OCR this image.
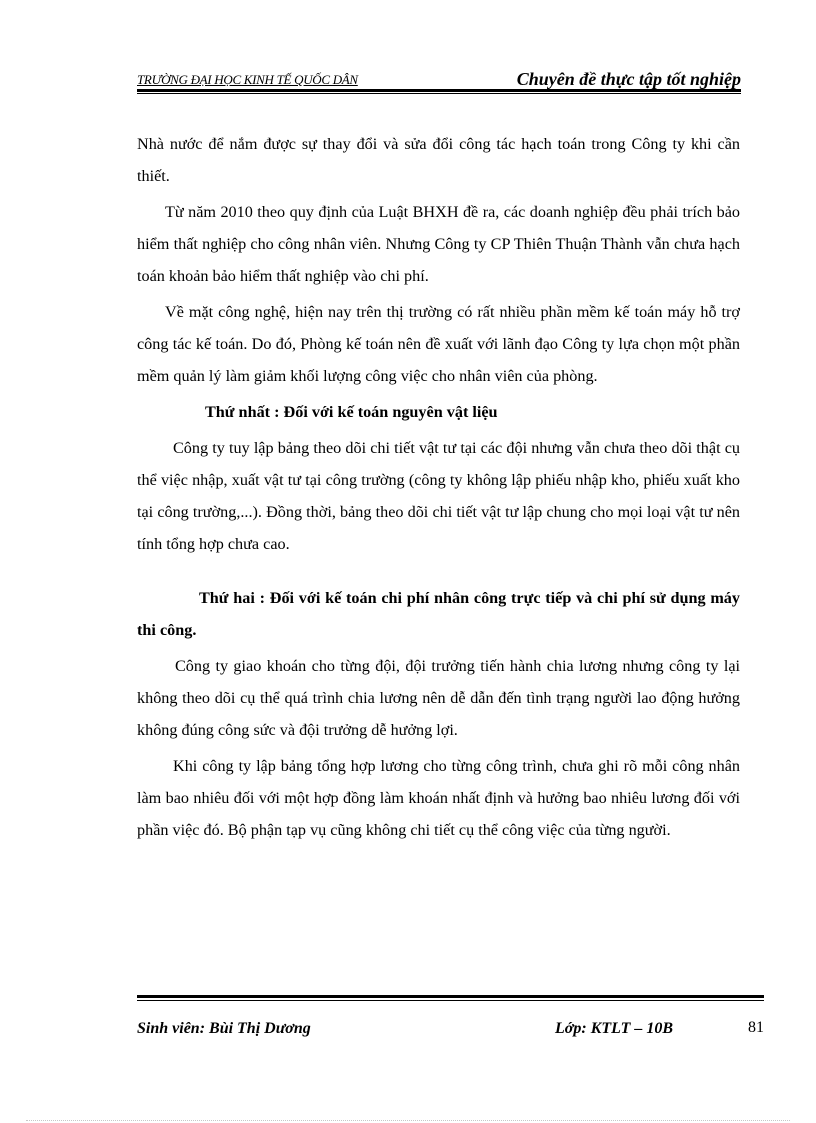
TRƯỜNG ĐẠI HỌC KINH TẾ QUỐC DÂN	Chuyên đề thực tập tốt nghiệp

Nhà nước để nắm được sự thay đổi và sửa đổi công tác hạch toán trong Công ty khi cần thiết.

Từ năm 2010 theo quy định của Luật BHXH đề ra, các doanh nghiệp đều phải trích bảo hiểm thất nghiệp cho công nhân viên. Nhưng Công ty CP Thiên Thuận Thành vẫn chưa hạch toán khoản bảo hiểm thất nghiệp vào chi phí.

Về mặt công nghệ, hiện nay trên thị trường có rất nhiều phần mềm kế toán máy hỗ trợ công tác kế toán. Do đó, Phòng kế toán nên đề xuất với lãnh đạo Công ty lựa chọn một phần mềm quản lý làm giảm khối lượng công việc cho nhân viên của phòng.

Thứ nhất : Đối với kế toán nguyên vật liệu

Công ty tuy lập bảng theo dõi chi tiết vật tư tại các đội nhưng vẫn chưa theo dõi thật cụ thể việc nhập, xuất vật tư tại công trường (công ty không lập phiếu nhập kho, phiếu xuất kho tại công trường,...). Đồng thời, bảng theo dõi chi tiết vật tư lập chung cho mọi loại vật tư nên tính tổng hợp chưa cao.

Thứ hai : Đối với kế toán chi phí nhân công trực tiếp và chi phí sử dụng máy thi công.

Công ty giao khoán cho từng đội, đội trưởng tiến hành chia lương nhưng công ty lại không theo dõi cụ thể quá trình chia lương nên dễ dẫn đến tình trạng người lao động hưởng không đúng công sức và đội trưởng dễ hưởng lợi.

Khi công ty lập bảng tổng hợp lương cho từng công trình, chưa ghi rõ mỗi công nhân làm bao nhiêu đối với một hợp đồng làm khoán nhất định và hưởng bao nhiêu lương đối với phần việc đó. Bộ phận tạp vụ cũng không chi tiết cụ thể công việc của từng người.

Sinh viên: Bùi Thị Dương	Lớp: KTLT – 10B	81
